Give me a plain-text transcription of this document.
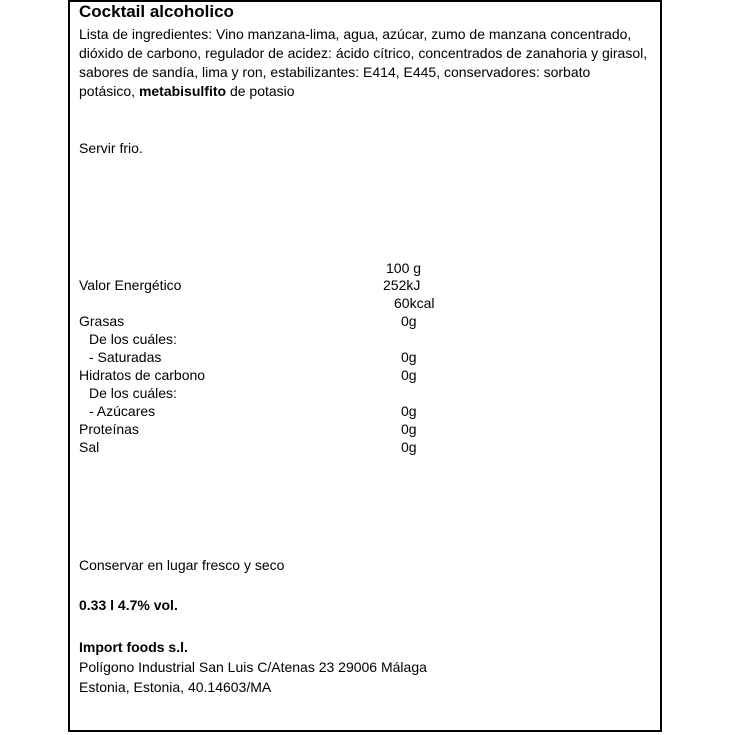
Cocktail alcoholico
Lista de ingredientes: Vino manzana-lima, agua, azúcar, zumo de manzana concentrado, dióxido de carbono, regulador de acidez: ácido cítrico, concentrados de zanahoria y girasol, sabores de sandía, lima y ron, estabilizantes: E414, E445, conservadores: sorbato potásico, metabisulfito de potasio
Servir frio.
100 g
Valor Energético	252kJ
60kcal
Grasas	0g
De los cuáles:
- Saturadas	0g
Hidratos de carbono	0g
De los cuáles:
- Azúcares	0g
Proteínas	0g
Sal	0g
Conservar en lugar fresco y seco
0.33 l 4.7% vol.
Import foods s.l.
Polígono Industrial San Luis C/Atenas 23 29006 Málaga
Estonia, Estonia, 40.14603/MA
